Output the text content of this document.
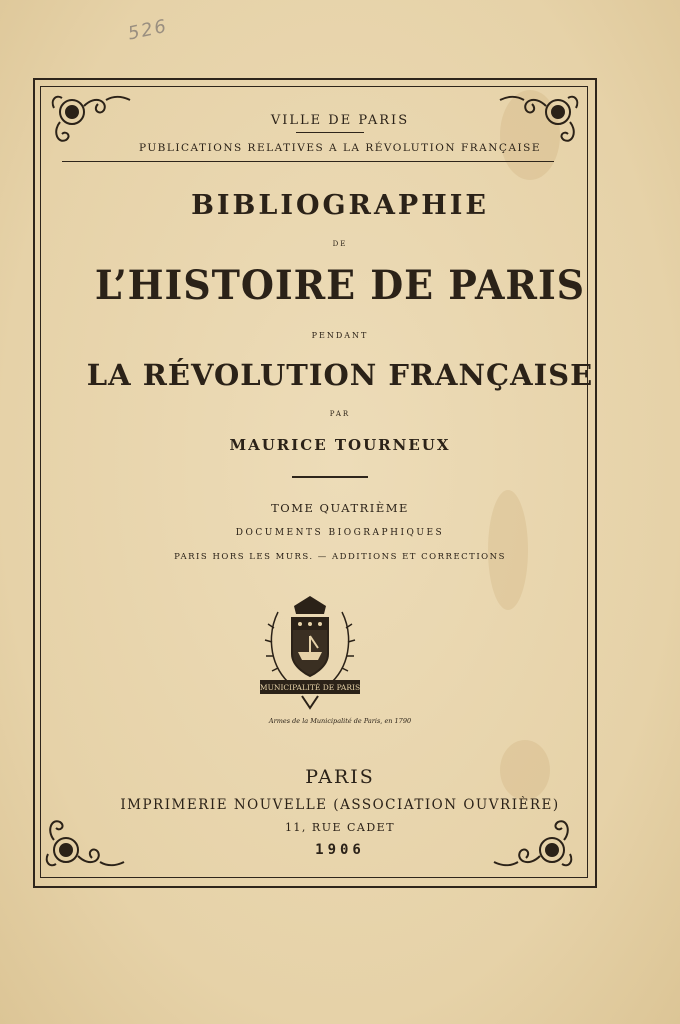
526
VILLE DE PARIS
PUBLICATIONS RELATIVES A LA RÉVOLUTION FRANÇAISE
BIBLIOGRAPHIE
DE
L’HISTOIRE DE PARIS
PENDANT
LA RÉVOLUTION FRANÇAISE
PAR
MAURICE TOURNEUX
TOME QUATRIÈME
DOCUMENTS BIOGRAPHIQUES
PARIS HORS LES MURS. — ADDITIONS ET CORRECTIONS
MUNICIPALITÉ DE PARIS
Armes de la Municipalité de Paris, en 1790
PARIS
IMPRIMERIE NOUVELLE (ASSOCIATION OUVRIÈRE)
11, RUE CADET
1906
